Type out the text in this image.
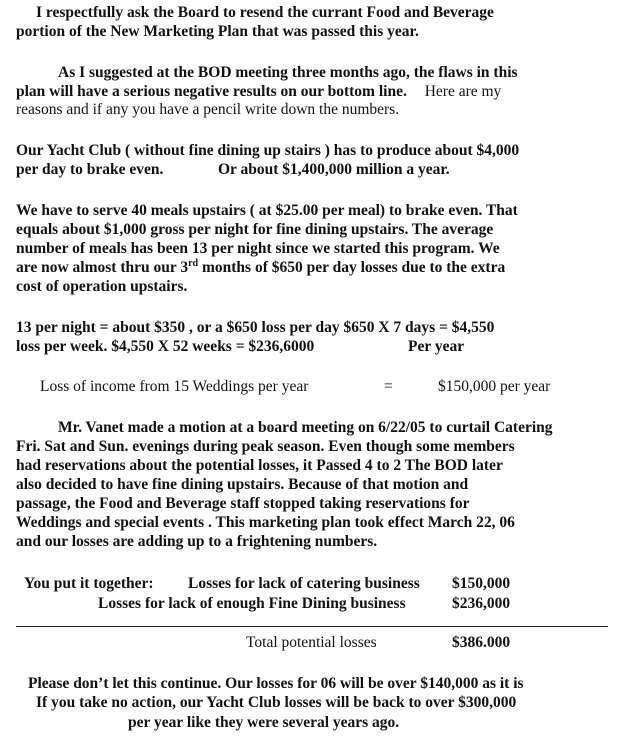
I respectfully ask the Board to resend the currant Food and Beverage
portion of the New Marketing Plan that was passed this year.
As I suggested at the BOD meeting three months ago, the flaws in this
plan will have a serious negative results on our bottom line. Here are my
reasons and if any you have a pencil write down the numbers.
Our Yacht Club ( without fine dining up stairs ) has to produce about $4,000
per day to brake even.	Or about $1,400,000 million a year.
We have to serve 40 meals upstairs ( at $25.00 per meal) to brake even. That
equals about $1,000 gross per night for fine dining upstairs. The average
number of meals has been 13 per night since we started this program. We
are now almost thru our 3rd months of $650 per day losses due to the extra
cost of operation upstairs.
13 per night = about $350 , or a $650 loss per day $650 X 7 days = $4,550
loss per week. $4,550 X 52 weeks = $236,6000	Per year
Loss of income from 15 Weddings per year	=	$150,000 per year
Mr. Vanet made a motion at a board meeting on 6/22/05 to curtail Catering
Fri. Sat and Sun. evenings during peak season. Even though some members
had reservations about the potential losses, it Passed 4 to 2 The BOD later
also decided to have fine dining upstairs. Because of that motion and
passage, the Food and Beverage staff stopped taking reservations for
Weddings and special events . This marketing plan took effect March 22, 06
and our losses are adding up to a frightening numbers.
You put it together: Losses for lack of catering business $150,000
Losses for lack of enough Fine Dining business	$236,000
Total potential losses	$386.000
Please don’t let this continue. Our losses for 06 will be over $140,000 as it is
If you take no action, our Yacht Club losses will be back to over $300,000
per year like they were several years ago.
